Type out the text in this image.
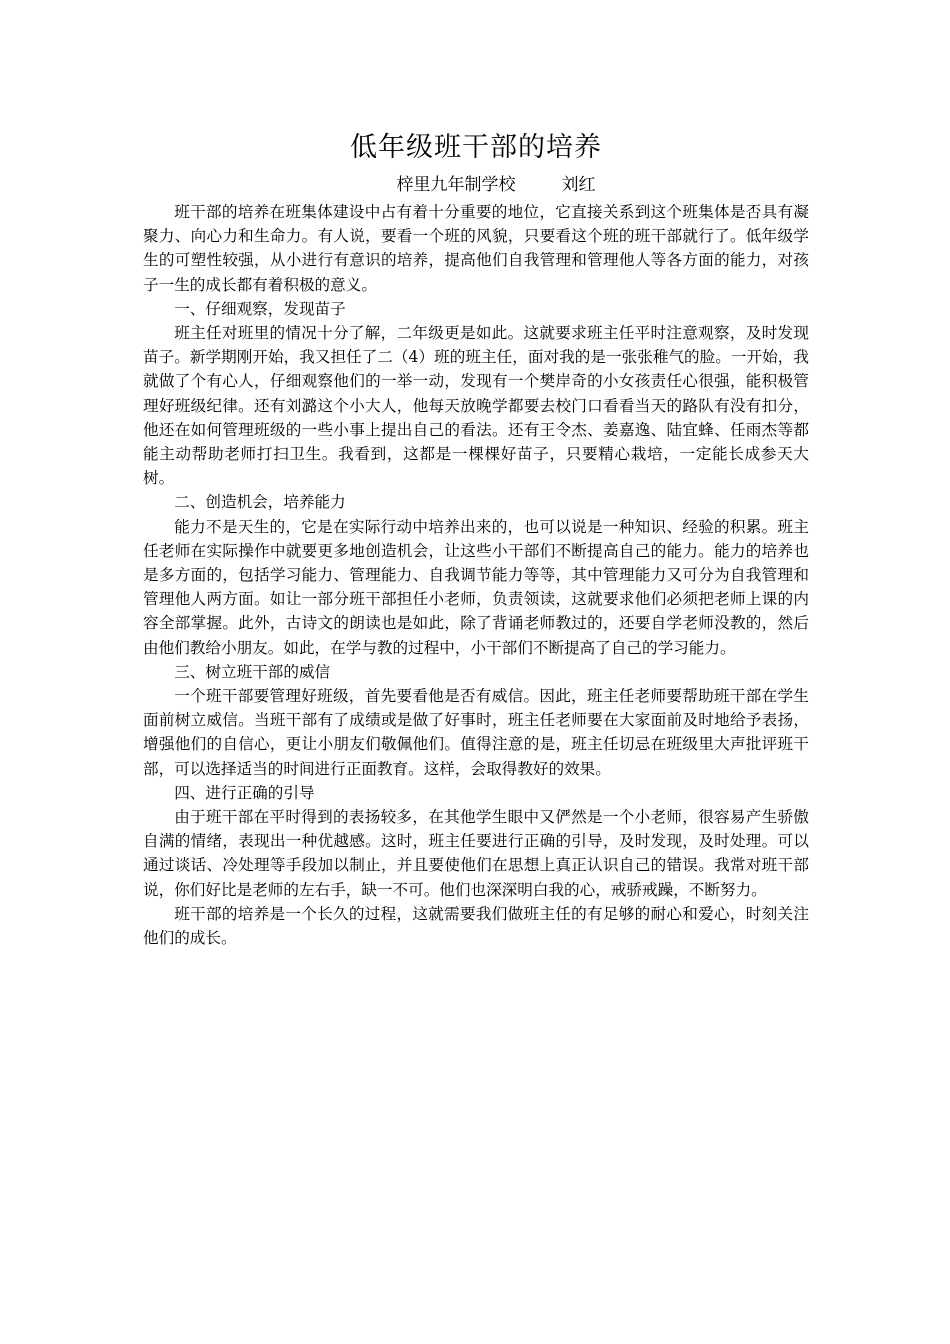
低年级班干部的培养
梓里九年制学校	刘红

班干部的培养在班集体建设中占有着十分重要的地位，它直接关系到这个班集体是否具有凝聚力、向心力和生命力。有人说，要看一个班的风貌，只要看这个班的班干部就行了。低年级学生的可塑性较强，从小进行有意识的培养，提高他们自我管理和管理他人等各方面的能力，对孩子一生的成长都有着积极的意义。

一、仔细观察，发现苗子

班主任对班里的情况十分了解，二年级更是如此。这就要求班主任平时注意观察，及时发现苗子。新学期刚开始，我又担任了二（4）班的班主任，面对我的是一张张稚气的脸。一开始，我就做了个有心人，仔细观察他们的一举一动，发现有一个樊岸奇的小女孩责任心很强，能积极管理好班级纪律。还有刘潞这个小大人，他每天放晚学都要去校门口看看当天的路队有没有扣分，他还在如何管理班级的一些小事上提出自己的看法。还有王令杰、姜嘉逸、陆宜蜂、任雨杰等都能主动帮助老师打扫卫生。我看到，这都是一棵棵好苗子，只要精心栽培，一定能长成参天大树。

二、创造机会，培养能力

能力不是天生的，它是在实际行动中培养出来的，也可以说是一种知识、经验的积累。班主任老师在实际操作中就要更多地创造机会，让这些小干部们不断提高自己的能力。能力的培养也是多方面的，包括学习能力、管理能力、自我调节能力等等，其中管理能力又可分为自我管理和管理他人两方面。如让一部分班干部担任小老师，负责领读，这就要求他们必须把老师上课的内容全部掌握。此外，古诗文的朗读也是如此，除了背诵老师教过的，还要自学老师没教的，然后由他们教给小朋友。如此，在学与教的过程中，小干部们不断提高了自己的学习能力。

三、树立班干部的威信

一个班干部要管理好班级，首先要看他是否有威信。因此，班主任老师要帮助班干部在学生面前树立威信。当班干部有了成绩或是做了好事时，班主任老师要在大家面前及时地给予表扬，增强他们的自信心，更让小朋友们敬佩他们。值得注意的是，班主任切忌在班级里大声批评班干部，可以选择适当的时间进行正面教育。这样，会取得教好的效果。

四、进行正确的引导

由于班干部在平时得到的表扬较多，在其他学生眼中又俨然是一个小老师，很容易产生骄傲自满的情绪，表现出一种优越感。这时，班主任要进行正确的引导，及时发现，及时处理。可以通过谈话、冷处理等手段加以制止，并且要使他们在思想上真正认识自己的错误。我常对班干部说，你们好比是老师的左右手，缺一不可。他们也深深明白我的心，戒骄戒躁，不断努力。

班干部的培养是一个长久的过程，这就需要我们做班主任的有足够的耐心和爱心，时刻关注他们的成长。
